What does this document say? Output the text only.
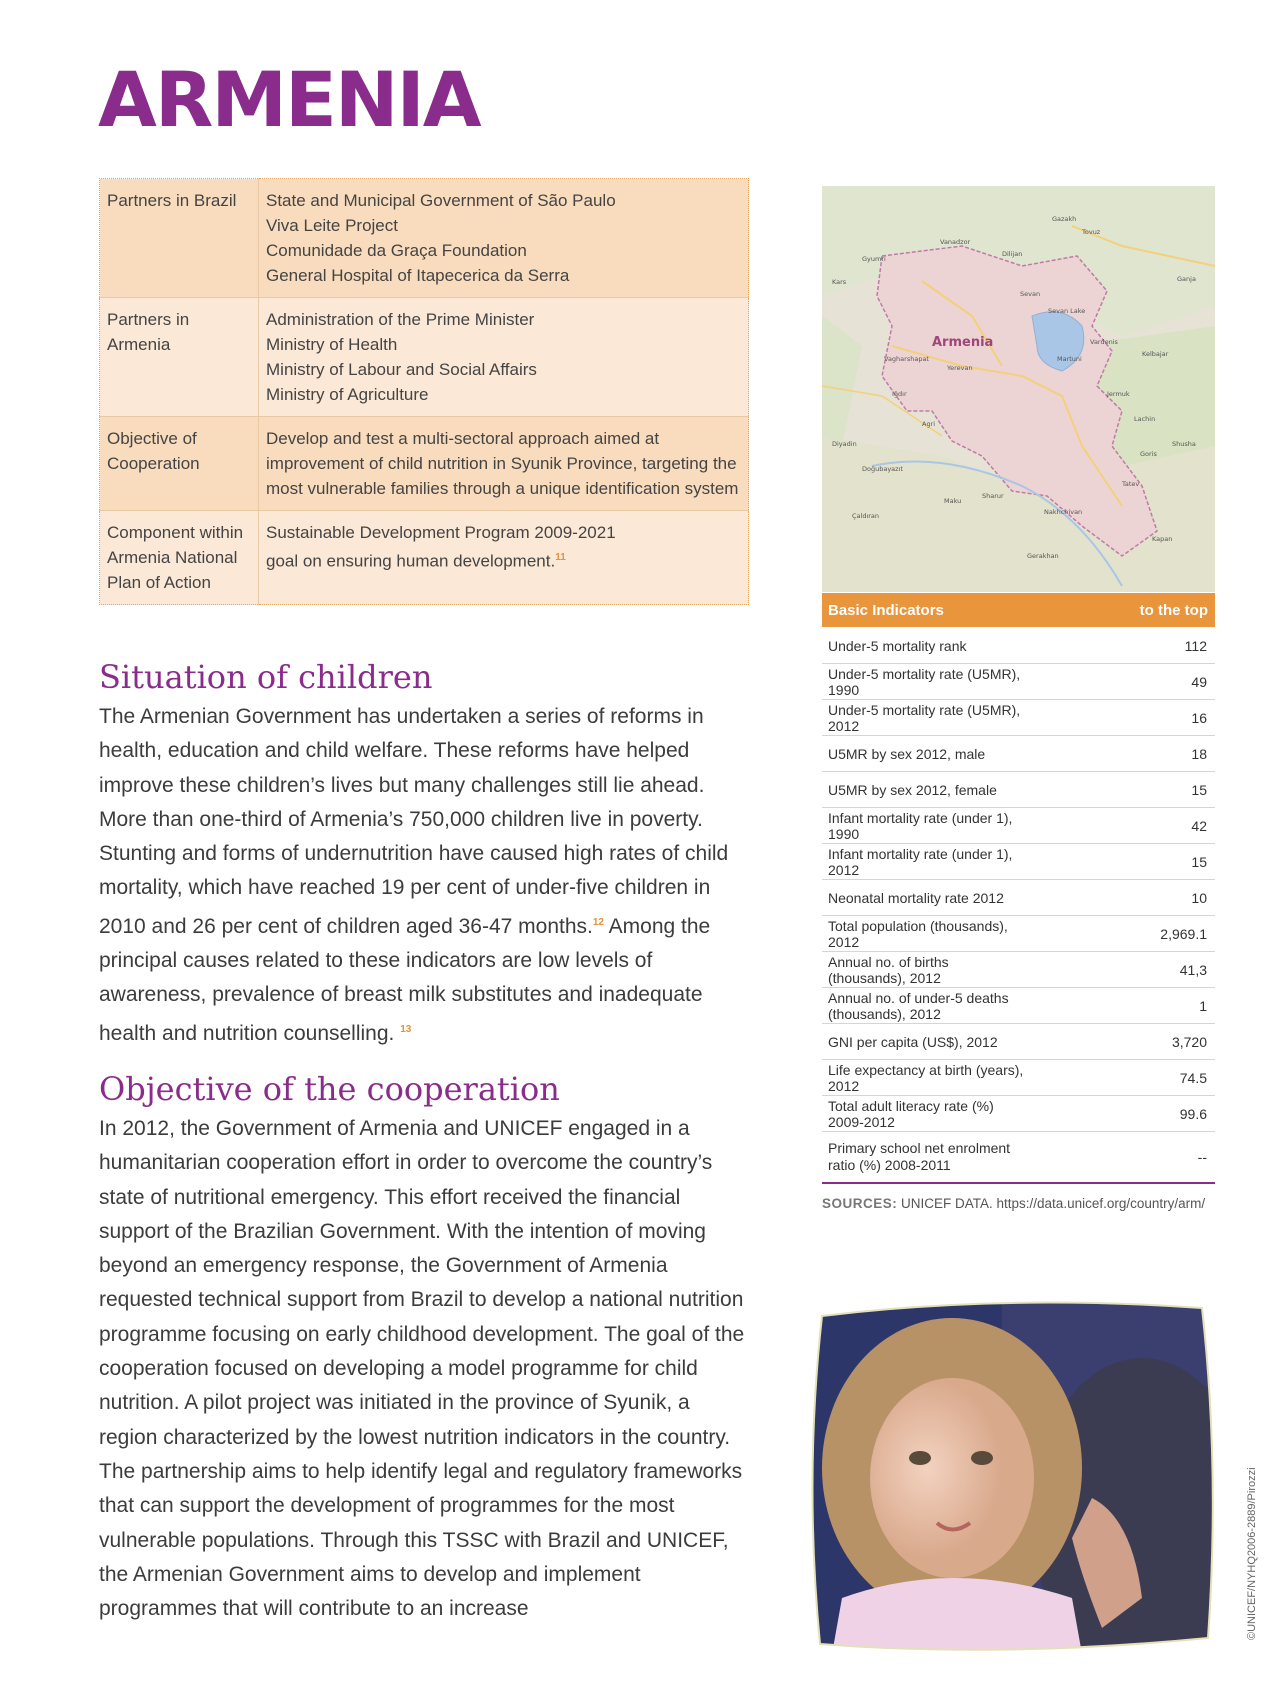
ARMENIA
Partners in Brazil	State and Municipal Government of São Paulo
Viva Leite Project
Comunidade da Graça Foundation
General Hospital of Itapecerica da Serra

Partners in Armenia	Administration of the Prime Minister
Ministry of Health
Ministry of Labour and Social Affairs
Ministry of Agriculture

Objective of Cooperation	Develop and test a multi-sectoral approach aimed at
improvement of child nutrition in Syunik Province, targeting the
most vulnerable families through a unique identification system

Component within Armenia National Plan of Action	Sustainable Development Program 2009-2021
goal on ensuring human development.$^{11}$
Situation of children

The Armenian Government has undertaken a series of reforms in health, education and child welfare. These reforms have helped improve these children’s lives but many challenges still lie ahead. More than one-third of Armenia’s 750,000 children live in poverty. Stunting and forms of undernutrition have caused high rates of child mortality, which have reached 19 per cent of under-five children in 2010 and 26 per cent of children aged 36-47 months.$^{12}$ Among the principal causes related to these indicators are low levels of awareness, prevalence of breast milk substitutes and inadequate health and nutrition counselling. $^{13}$

Objective of the cooperation

In 2012, the Government of Armenia and UNICEF engaged in a humanitarian cooperation effort in order to overcome the country’s state of nutritional emergency. This effort received the financial support of the Brazilian Government. With the intention of moving beyond an emergency response, the Government of Armenia requested technical support from Brazil to develop a national nutrition programme focusing on early childhood development. The goal of the cooperation focused on developing a model programme for child nutrition. A pilot project was initiated in the province of Syunik, a region characterized by the lowest nutrition indicators in the country. The partnership aims to help identify legal and regulatory frameworks that can support the development of programmes for the most vulnerable populations. Through this TSSC with Brazil and UNICEF, the Armenian Government aims to develop and implement programmes that will contribute to an increase

Armenia
Kars
Gyumri
Vanadzor
Dilijan
Gazakh
Tovuz
Ganja
Sevan
Sevan Lake
Vagharshapat
Yerevan
Vardenis
Kelbajar
Martuni
Lachin
Agri
Doğubayazıt
Maku
Nakhchivan
Tatev
Kapan
Goris
Diyadin
Iğdır
Sharur
Çaldıran
Shusha
Jermuk
Gerakhan
Basic Indicators	to the top
Under-5 mortality rank	112
Under-5 mortality rate (U5MR), 1990	49
Under-5 mortality rate (U5MR), 2012	16
U5MR by sex 2012, male	18
U5MR by sex 2012, female	15
Infant mortality rate (under 1), 1990	42
Infant mortality rate (under 1), 2012	15
Neonatal mortality rate 2012	10
Total population (thousands), 2012	2,969.1
Annual no. of births (thousands), 2012	41,3
Annual no. of under-5 deaths (thousands), 2012	1
GNI per capita (US$), 2012	3,720
Life expectancy at birth (years), 2012	74.5
Total adult literacy rate (%) 2009-2012	99.6
Primary school net enrolment ratio (%) 2008-2011	--
SOURCES: UNICEF DATA. https://data.unicef.org/country/arm/
©UNICEF/NYHQ2006-2889/Pirozzi
